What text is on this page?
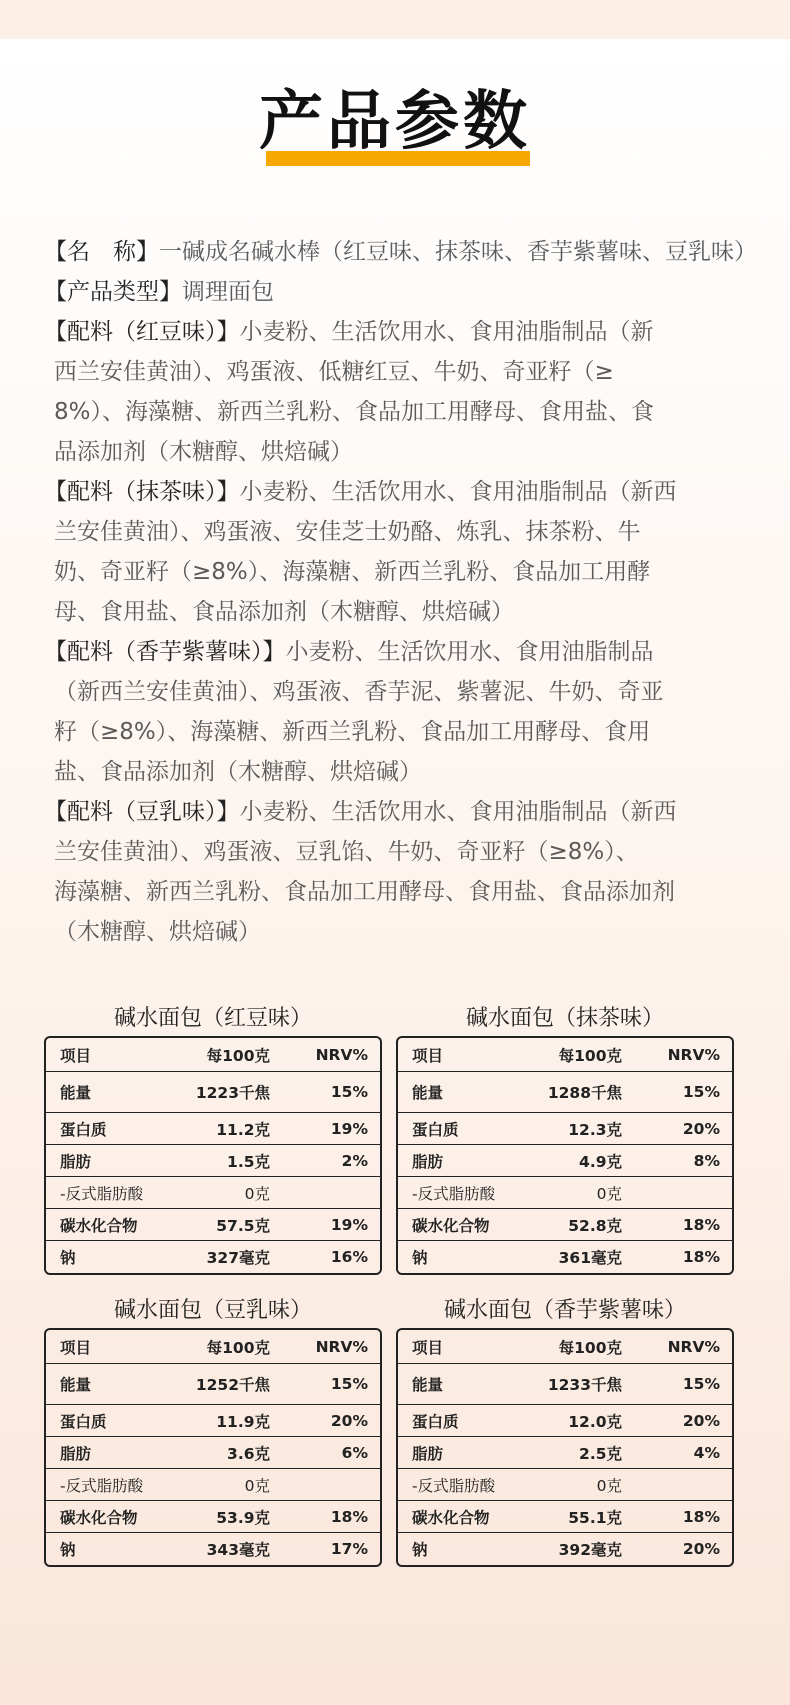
产品参数

【名　称】一碱成名碱水棒（红豆味、抹茶味、香芋紫薯味、豆乳味）

【产品类型】调理面包

【配料（红豆味）】小麦粉、生活饮用水、食用油脂制品（新

西兰安佳黄油）、鸡蛋液、低糖红豆、牛奶、奇亚籽（≥

8%）、海藻糖、新西兰乳粉、食品加工用酵母、食用盐、食

品添加剂（木糖醇、烘焙碱）

【配料（抹茶味）】小麦粉、生活饮用水、食用油脂制品（新西

兰安佳黄油）、鸡蛋液、安佳芝士奶酪、炼乳、抹茶粉、牛

奶、奇亚籽（≥8%）、海藻糖、新西兰乳粉、食品加工用酵

母、食用盐、食品添加剂（木糖醇、烘焙碱）

【配料（香芋紫薯味）】小麦粉、生活饮用水、食用油脂制品

（新西兰安佳黄油）、鸡蛋液、香芋泥、紫薯泥、牛奶、奇亚

籽（≥8%）、海藻糖、新西兰乳粉、食品加工用酵母、食用

盐、食品添加剂（木糖醇、烘焙碱）

【配料（豆乳味）】小麦粉、生活饮用水、食用油脂制品（新西

兰安佳黄油）、鸡蛋液、豆乳馅、牛奶、奇亚籽（≥8%）、

海藻糖、新西兰乳粉、食品加工用酵母、食用盐、食品添加剂

（木糖醇、烘焙碱）

碱水面包（红豆味）
项目	每100克	NRV%
能量	1223千焦	15%
蛋白质	11.2克	19%
脂肪	1.5克	2%
-反式脂肪酸	0克
碳水化合物	57.5克	19%
钠	327毫克	16%
碱水面包（抹茶味）
项目	每100克	NRV%
能量	1288千焦	15%
蛋白质	12.3克	20%
脂肪	4.9克	8%
-反式脂肪酸	0克
碳水化合物	52.8克	18%
钠	361毫克	18%
碱水面包（豆乳味）
项目	每100克	NRV%
能量	1252千焦	15%
蛋白质	11.9克	20%
脂肪	3.6克	6%
-反式脂肪酸	0克
碳水化合物	53.9克	18%
钠	343毫克	17%
碱水面包（香芋紫薯味）
项目	每100克	NRV%
能量	1233千焦	15%
蛋白质	12.0克	20%
脂肪	2.5克	4%
-反式脂肪酸	0克
碳水化合物	55.1克	18%
钠	392毫克	20%
